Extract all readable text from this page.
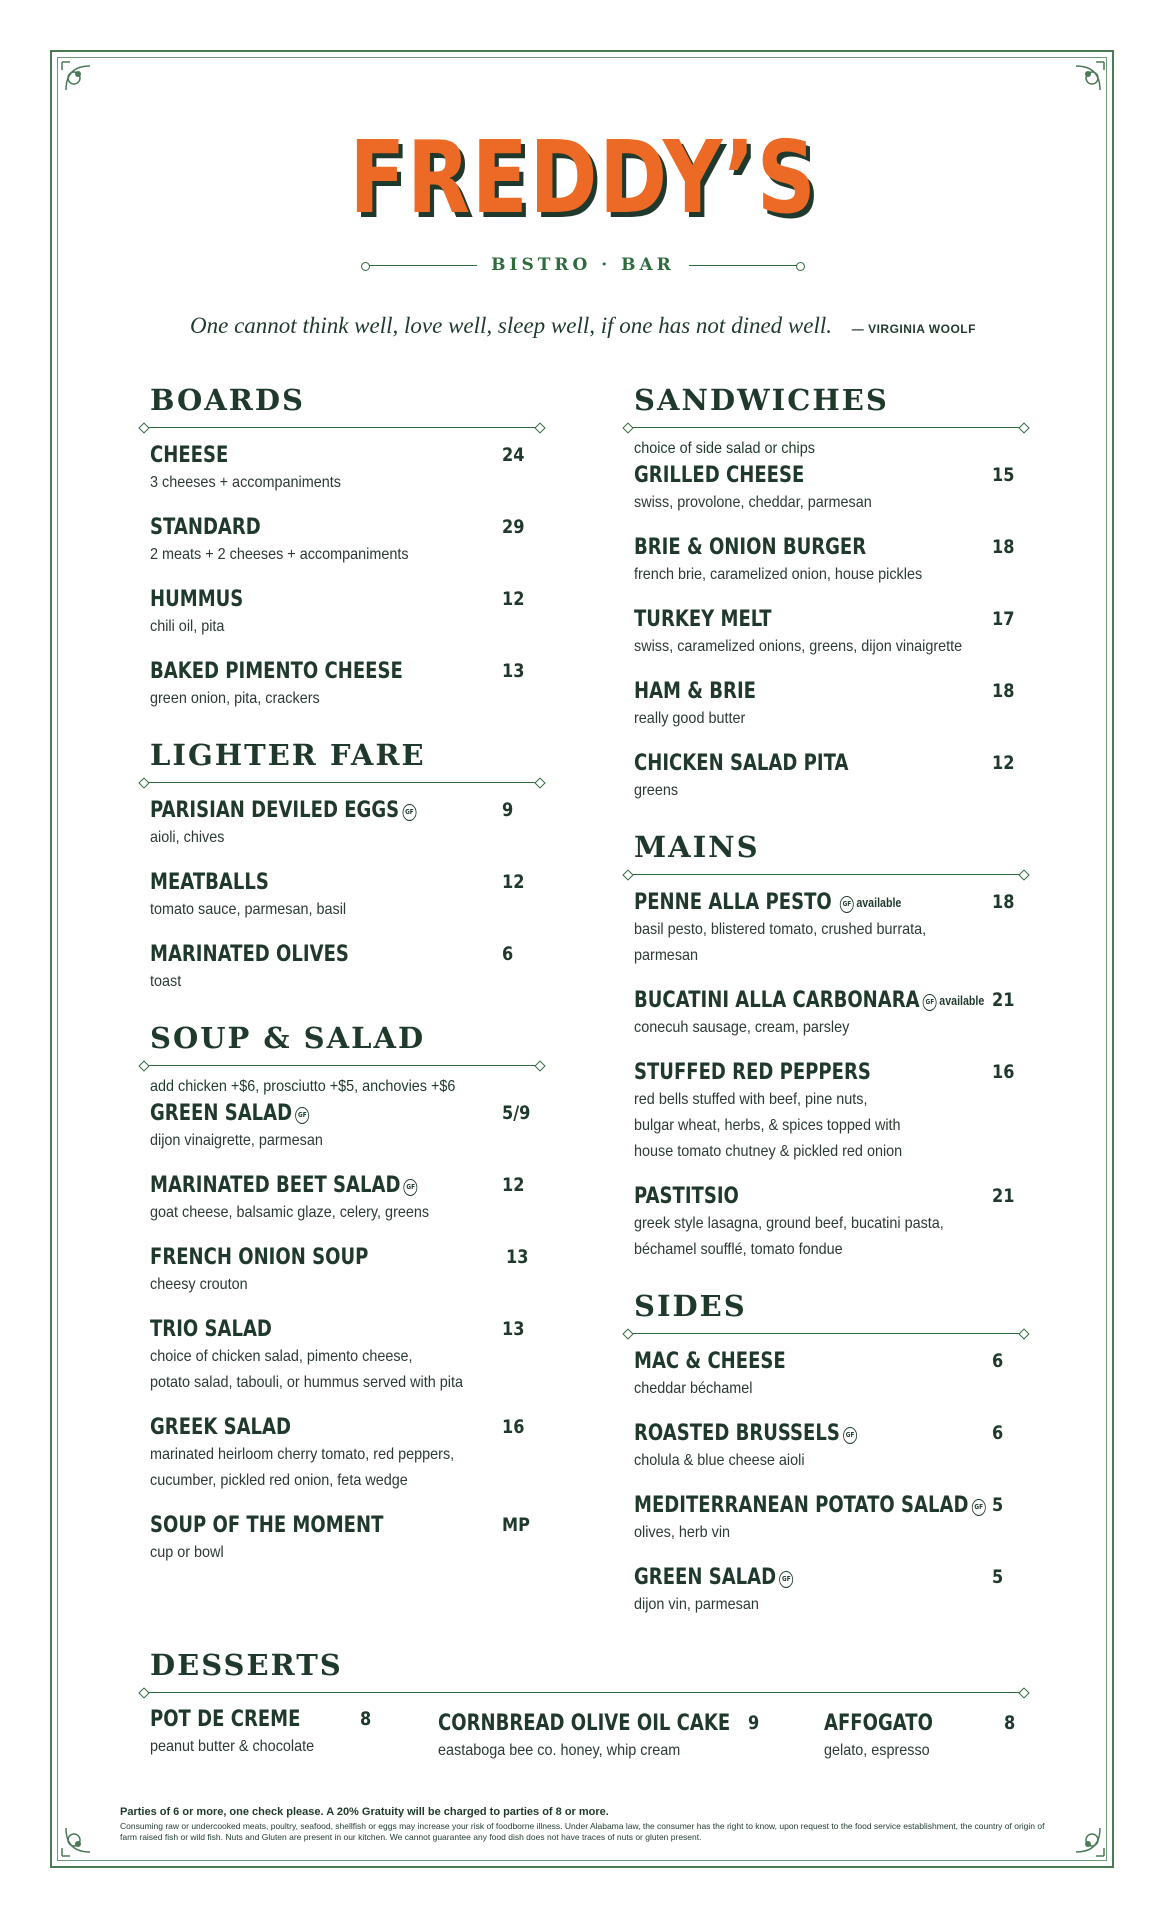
FREDDY’S
BISTRO · BAR
One cannot think well, love well, sleep well, if one has not dined well. — VIRGINIA WOOLF
BOARDS
CHEESE
3 cheeses + accompaniments
24
STANDARD
2 meats + 2 cheeses + accompaniments
29
HUMMUS
chili oil, pita
12
BAKED PIMENTO CHEESE
green onion, pita, crackers
13
LIGHTER FARE
PARISIAN DEVILED EGGS GF
aioli, chives
9
MEATBALLS
tomato sauce, parmesan, basil
12
MARINATED OLIVES
toast
6
SOUP & SALAD
add chicken +$6, prosciutto +$5, anchovies +$6
GREEN SALAD GF
dijon vinaigrette, parmesan
5/9
MARINATED BEET SALAD GF
goat cheese, balsamic glaze, celery, greens
12
FRENCH ONION SOUP
cheesy crouton
13
TRIO SALAD
choice of chicken salad, pimento cheese,
potato salad, tabouli, or hummus served with pita
13
GREEK SALAD
marinated heirloom cherry tomato, red peppers,
cucumber, pickled red onion, feta wedge
16
SOUP OF THE MOMENT
cup or bowl
MP
SANDWICHES
choice of side salad or chips
GRILLED CHEESE
swiss, provolone, cheddar, parmesan
15
BRIE & ONION BURGER
french brie, caramelized onion, house pickles
18
TURKEY MELT
swiss, caramelized onions, greens, dijon vinaigrette
17
HAM & BRIE
really good butter
18
CHICKEN SALAD PITA
greens
12
MAINS
PENNE ALLA PESTO GF available
basil pesto, blistered tomato, crushed burrata,
parmesan
18
BUCATINI ALLA CARBONARA GF available
conecuh sausage, cream, parsley
21
STUFFED RED PEPPERS
red bells stuffed with beef, pine nuts,
bulgar wheat, herbs, & spices topped with
house tomato chutney & pickled red onion
16
PASTITSIO
greek style lasagna, ground beef, bucatini pasta,
béchamel soufflé, tomato fondue
21
SIDES
MAC & CHEESE
cheddar béchamel
6
ROASTED BRUSSELS GF
cholula & blue cheese aioli
6
MEDITERRANEAN POTATO SALAD GF
olives, herb vin
5
GREEN SALAD GF
dijon vin, parmesan
5
DESSERTS
POT DE CREME
peanut butter & chocolate
8	CORNBREAD OLIVE OIL CAKE
eastaboga bee co. honey, whip cream
9	AFFOGATO
gelato, espresso
8
Parties of 6 or more, one check please. A 20% Gratuity will be charged to parties of 8 or more.
Consuming raw or undercooked meats, poultry, seafood, shellfish or eggs may increase your risk of foodborne illness. Under Alabama law, the consumer has the right to know, upon request to the food service establishment, the country of origin of farm raised fish or wild fish. Nuts and Gluten are present in our kitchen. We cannot guarantee any food dish does not have traces of nuts or gluten present.
